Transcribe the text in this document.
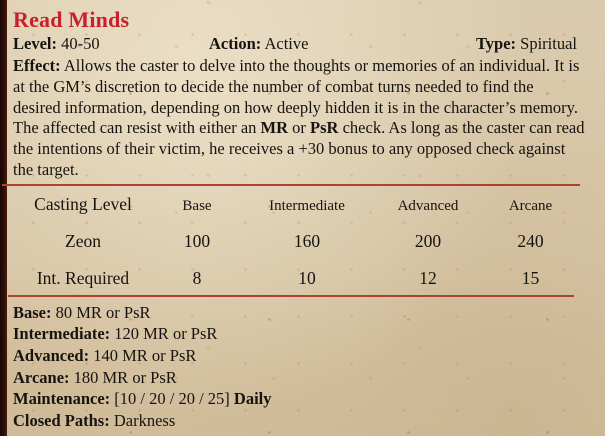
Read Minds
Level: 40-50	Action: Active	Type: Spiritual

Effect: Allows the caster to delve into the thoughts or memories of an individual. It is at the GM’s discretion to decide the number of combat turns needed to find the desired information, depending on how deeply hidden it is in the character’s memory. The affected can resist with either an MR or PsR check. As long as the caster can read the intentions of their victim, he receives a +30 bonus to any opposed check against the target.

Casting Level	Base	Intermediate	Advanced	Arcane
Zeon	100	160	200	240
Int. Required	8	10	12	15
Base: 80 MR or PsR
Intermediate: 120 MR or PsR
Advanced: 140 MR or PsR
Arcane: 180 MR or PsR
Maintenance: [10 / 20 / 20 / 25] Daily
Closed Paths: Darkness
